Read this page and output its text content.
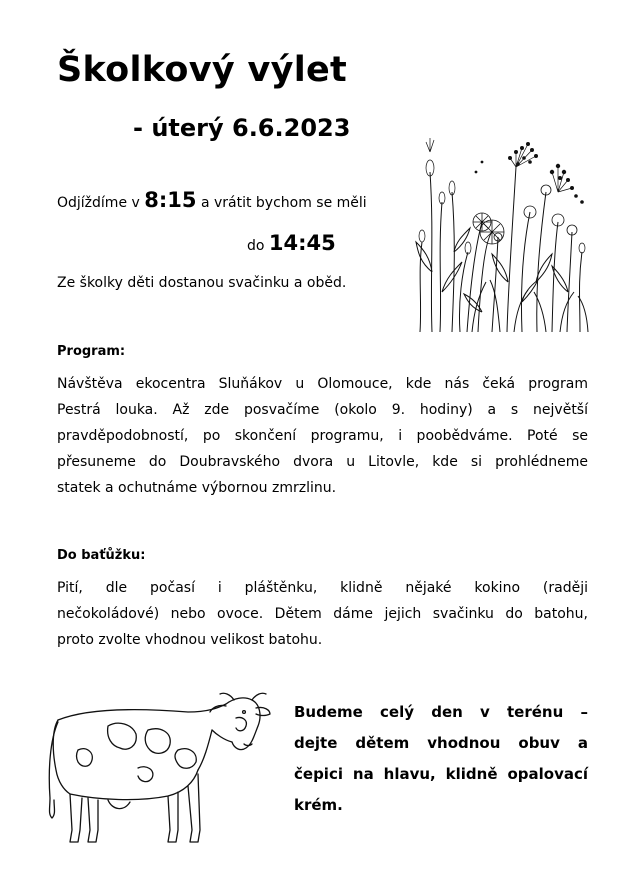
Školkový výlet
- úterý 6.6.2023
Odjíždíme v 8:15 a vrátit bychom se měli
do 14:45
Ze školky děti dostanou svačinku a oběd.
Program:
Návštěva ekocentra Sluňákov u Olomouce, kde nás čeká program
Pestrá louka. Až zde posvačíme (okolo 9. hodiny) a s největší
pravděpodobností, po skončení programu, i poobědváme. Poté se
přesuneme do Doubravského dvora u Litovle, kde si prohlédneme
statek a ochutnáme výbornou zmrzlinu.
Do baťůžku:
Pití, dle počasí i pláštěnku, klidně nějaké kokino (raději
nečokoládové) nebo ovoce. Dětem dáme jejich svačinku do batohu,
proto zvolte vhodnou velikost batohu.
Budeme celý den v terénu –
dejte dětem vhodnou obuv a
čepici na hlavu, klidně opalovací
krém.
